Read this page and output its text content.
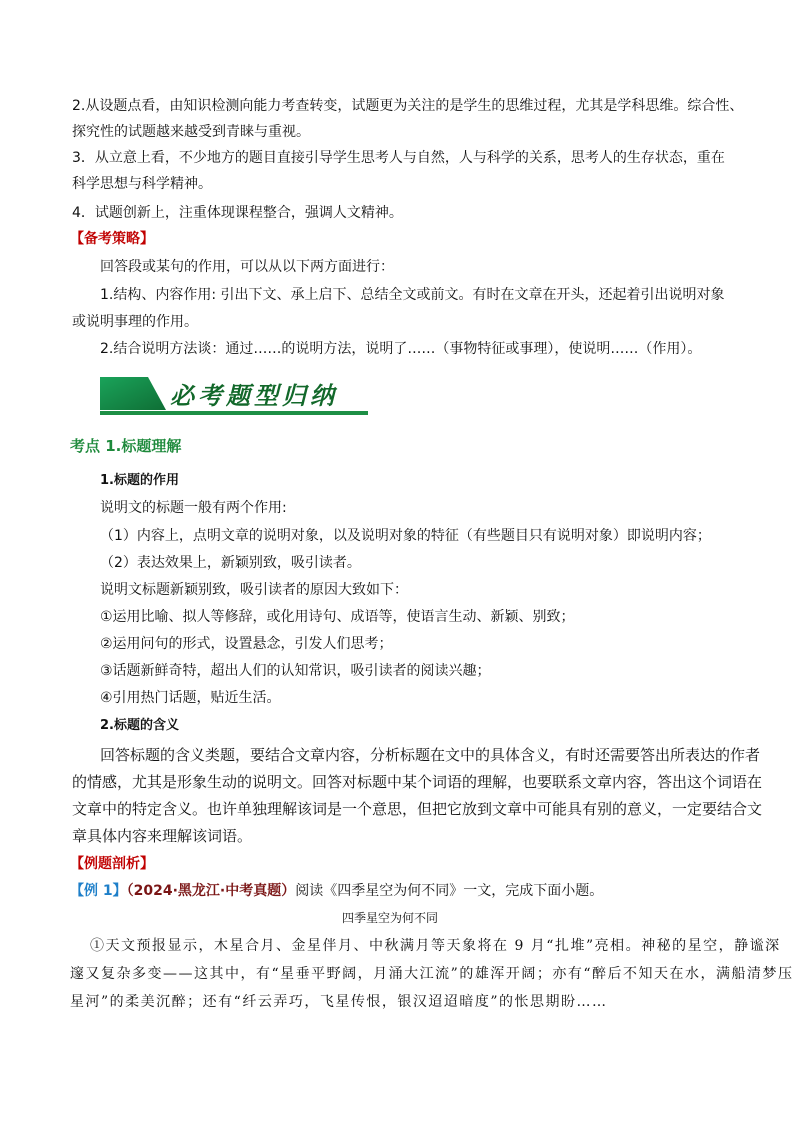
2.从设题点看，由知识检测向能力考查转变，试题更为关注的是学生的思维过程，尤其是学科思维。综合性、
探究性的试题越来越受到青睐与重视。
3．从立意上看，不少地方的题目直接引导学生思考人与自然，人与科学的关系，思考人的生存状态，重在
科学思想与科学精神。
4．试题创新上，注重体现课程整合，强调人文精神。
【备考策略】
回答段或某句的作用，可以从以下两方面进行：
1.结构、内容作用: 引出下文、承上启下、总结全文或前文。有时在文章在开头，还起着引出说明对象
或说明事理的作用。
2.结合说明方法谈：通过……的说明方法，说明了……（事物特征或事理），使说明……（作用）。
必考题型归纳
考点 1.标题理解
1.标题的作用
说明文的标题一般有两个作用:
（1）内容上，点明文章的说明对象，以及说明对象的特征（有些题目只有说明对象）即说明内容；
（2）表达效果上，新颖别致，吸引读者。
说明文标题新颖别致，吸引读者的原因大致如下：
①运用比喻、拟人等修辞，或化用诗句、成语等，使语言生动、新颖、别致；
②运用问句的形式，设置悬念，引发人们思考；
③话题新鲜奇特，超出人们的认知常识，吸引读者的阅读兴趣；
④引用热门话题，贴近生活。
2.标题的含义
回答标题的含义类题，要结合文章内容，分析标题在文中的具体含义，有时还需要答出所表达的作者
的情感，尤其是形象生动的说明文。回答对标题中某个词语的理解，也要联系文章内容，答出这个词语在
文章中的特定含义。也许单独理解该词是一个意思，但把它放到文章中可能具有别的意义，一定要结合文
章具体内容来理解该词语。
【例题剖析】
【例 1】（2024·黑龙江·中考真题）阅读《四季星空为何不同》一文，完成下面小题。
四季星空为何不同
①天文预报显示，木星合月、金星伴月、中秋满月等天象将在 9 月“扎堆”亮相。神秘的星空，静谧深
邃又复杂多变——这其中，有“星垂平野阔，月涌大江流”的雄浑开阔；亦有“醉后不知天在水，满船清梦压
星河”的柔美沉醉；还有“纤云弄巧，飞星传恨，银汉迢迢暗度”的怅思期盼……
